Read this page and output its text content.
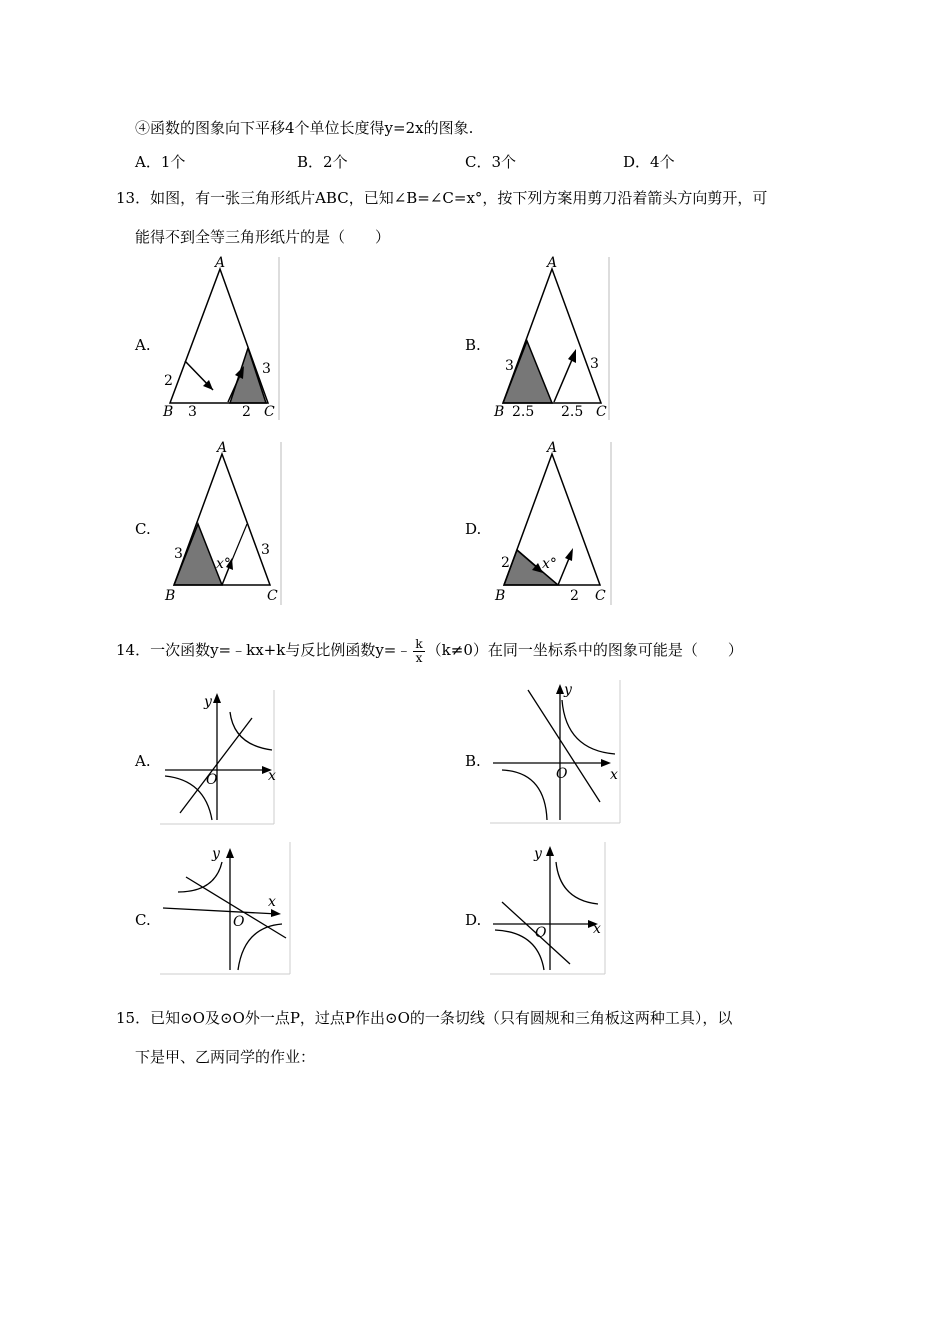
④函数的图象向下平移4个单位长度得y=2x的图象.
A．1个	B．2个	C．3个	D．4个
13．如图，有一张三角形纸片ABC，已知∠B=∠C=x°，按下列方案用剪刀沿着箭头方向剪开，可
能得不到全等三角形纸片的是（　　）
A.	B.
C.	D.
A
B	C
2
3	2
3
A
B	C
3
2.5 2.5
3
A
B	C
3
x°
3
A
B	C
2 x°
2
14．一次函数y=﹣kx+k与反比例函数y=﹣ $\frac{k}{x} (k\ne 0)$在同一坐标系中的图象可能是（　　）
A.	B.
C.	D.
x
y
O	x
y
O
x
y
O	x
y
O
15．已知⊙O及⊙O外一点P，过点P作出⊙O的一条切线（只有圆规和三角板这两种工具），以
下是甲、乙两同学的作业：
